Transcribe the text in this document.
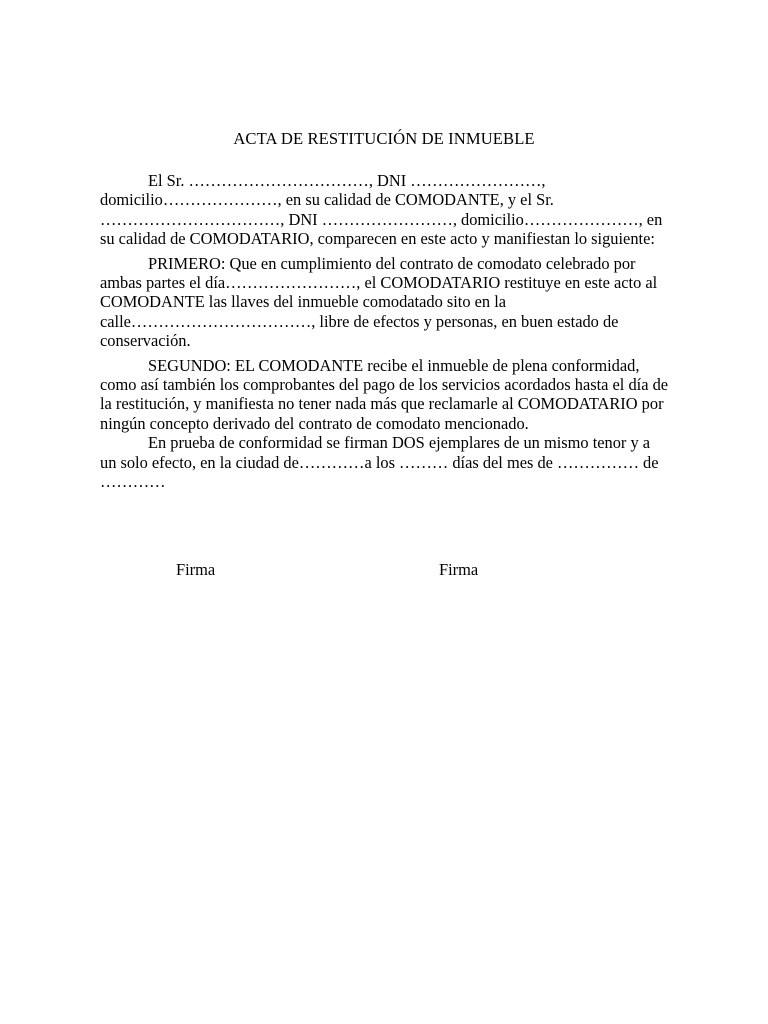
ACTA DE RESTITUCIÓN DE INMUEBLE

El Sr. ……………………………, DNI ……………………, domicilio…………………, en su calidad de COMODANTE, y el Sr. ……………………………, DNI ……………………, domicilio…………………, en su calidad de COMODATARIO, comparecen en este acto y manifiestan lo siguiente:

PRIMERO: Que en cumplimiento del contrato de comodato celebrado por ambas partes el día……………………, el COMODATARIO restituye en este acto al COMODANTE las llaves del inmueble comodatado sito en la calle……………………………, libre de efectos y personas, en buen estado de conservación.

SEGUNDO: EL COMODANTE recibe el inmueble de plena conformidad, como así también los comprobantes del pago de los servicios acordados hasta el día de la restitución, y manifiesta no tener nada más que reclamarle al COMODATARIO por ningún concepto derivado del contrato de comodato mencionado.

En prueba de conformidad se firman DOS ejemplares de un mismo tenor y a un solo efecto, en la ciudad de…………a los ……… días del mes de …………… de …………

Firma	Firma
